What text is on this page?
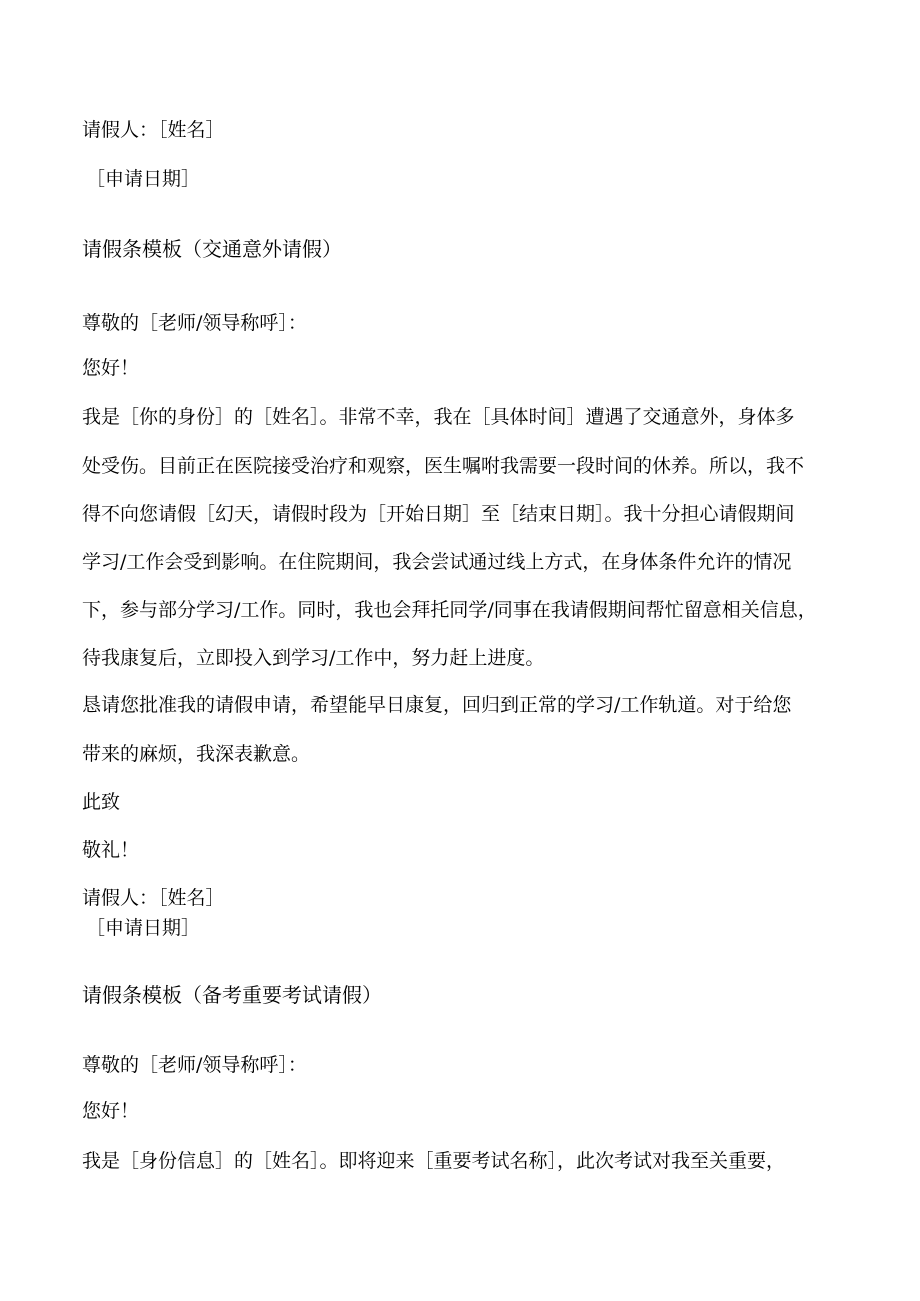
请假人：［姓名］
［申请日期］
请假条模板（交通意外请假）
尊敬的［老师/领导称呼］：
您好！
我是［你的身份］的［姓名］。非常不幸，我在［具体时间］遭遇了交通意外，身体多
处受伤。目前正在医院接受治疗和观察，医生嘱咐我需要一段时间的休养。所以，我不
得不向您请假［幻天，请假时段为［开始日期］至［结束日期］。我十分担心请假期间
学习/工作会受到影响。在住院期间，我会尝试通过线上方式，在身体条件允许的情况
下，参与部分学习/工作。同时，我也会拜托同学/同事在我请假期间帮忙留意相关信息，
待我康复后，立即投入到学习/工作中，努力赶上进度。
恳请您批准我的请假申请，希望能早日康复，回归到正常的学习/工作轨道。对于给您
带来的麻烦，我深表歉意。
此致
敬礼！
请假人：［姓名］
［申请日期］
请假条模板（备考重要考试请假）
尊敬的［老师/领导称呼］：
您好！
我是［身份信息］的［姓名］。即将迎来［重要考试名称］，此次考试对我至关重要，
